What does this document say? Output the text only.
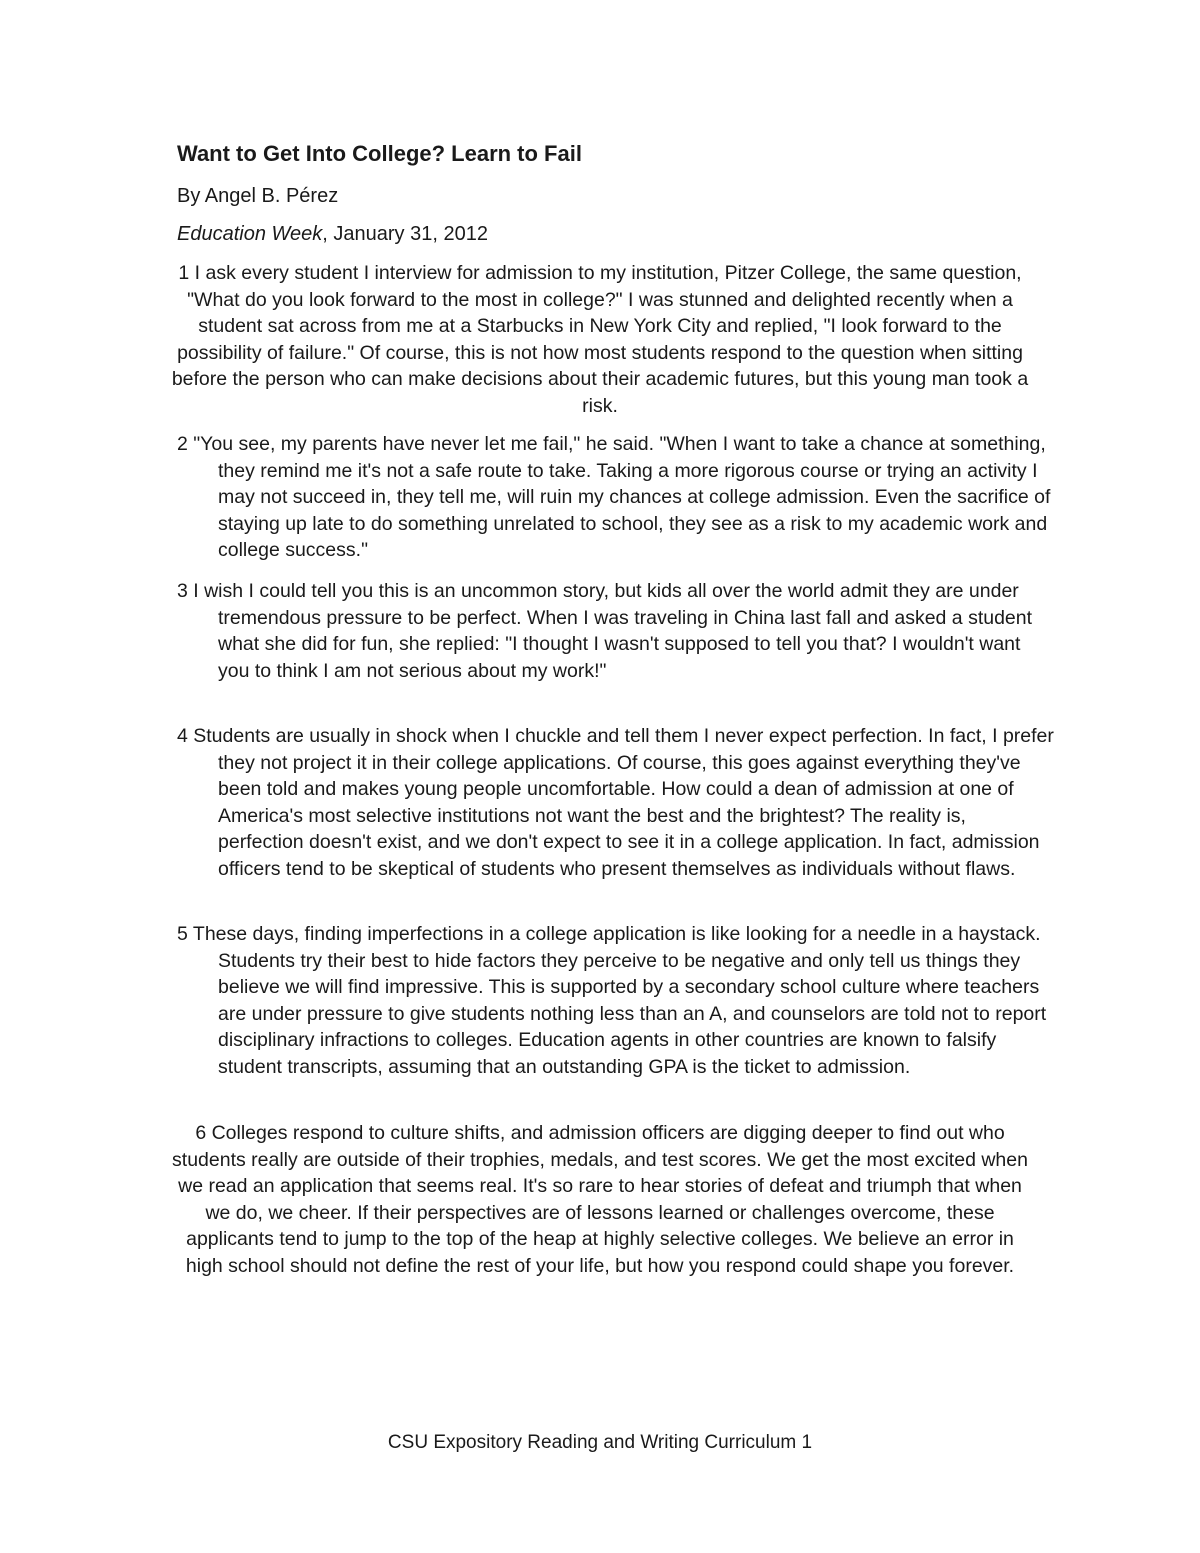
Want to Get Into College? Learn to Fail

By Angel B. Pérez

Education Week, January 31, 2012

1 I ask every student I interview for admission to my institution, Pitzer College, the same question, "What do you look forward to the most in college?" I was stunned and delighted recently when a student sat across from me at a Starbucks in New York City and replied, "I look forward to the possibility of failure." Of course, this is not how most students respond to the question when sitting before the person who can make decisions about their academic futures, but this young man took a risk.

2 "You see, my parents have never let me fail," he said. "When I want to take a chance at something, they remind me it's not a safe route to take. Taking a more rigorous course or trying an activity I may not succeed in, they tell me, will ruin my chances at college admission. Even the sacrifice of staying up late to do something unrelated to school, they see as a risk to my academic work and college success."

3 I wish I could tell you this is an uncommon story, but kids all over the world admit they are under tremendous pressure to be perfect. When I was traveling in China last fall and asked a student what she did for fun, she replied: "I thought I wasn't supposed to tell you that? I wouldn't want you to think I am not serious about my work!"

4 Students are usually in shock when I chuckle and tell them I never expect perfection. In fact, I prefer they not project it in their college applications. Of course, this goes against everything they've been told and makes young people uncomfortable. How could a dean of admission at one of America's most selective institutions not want the best and the brightest? The reality is, perfection doesn't exist, and we don't expect to see it in a college application. In fact, admission officers tend to be skeptical of students who present themselves as individuals without flaws.

5 These days, finding imperfections in a college application is like looking for a needle in a haystack. Students try their best to hide factors they perceive to be negative and only tell us things they believe we will find impressive. This is supported by a secondary school culture where teachers are under pressure to give students nothing less than an A, and counselors are told not to report disciplinary infractions to colleges. Education agents in other countries are known to falsify student transcripts, assuming that an outstanding GPA is the ticket to admission.

6 Colleges respond to culture shifts, and admission officers are digging deeper to find out who students really are outside of their trophies, medals, and test scores. We get the most excited when we read an application that seems real. It's so rare to hear stories of defeat and triumph that when we do, we cheer. If their perspectives are of lessons learned or challenges overcome, these applicants tend to jump to the top of the heap at highly selective colleges. We believe an error in high school should not define the rest of your life, but how you respond could shape you forever.

CSU Expository Reading and Writing Curriculum 1
